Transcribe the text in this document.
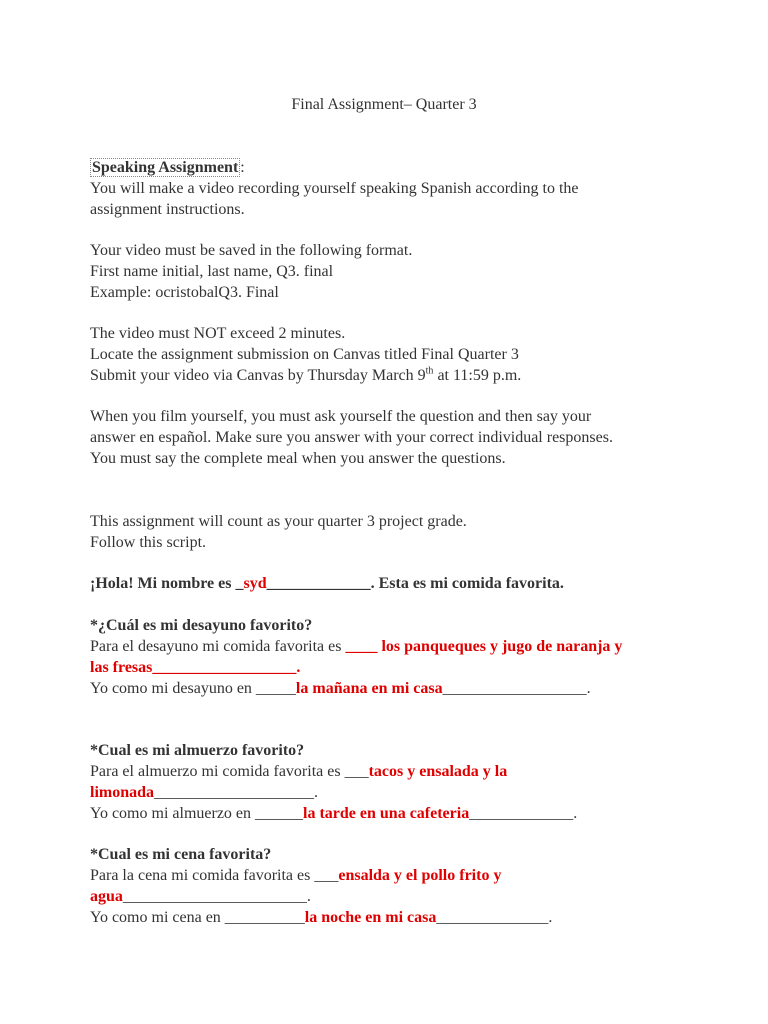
Final Assignment– Quarter 3
Speaking Assignment :
You will make a video recording yourself speaking Spanish according to the
assignment instructions.
Your video must be saved in the following format.
First name initial, last name, Q3. final
Example: ocristobalQ3. Final
The video must NOT exceed 2 minutes.
Locate the assignment submission on Canvas titled Final Quarter 3
Submit your video via Canvas by Thursday March 9th at 11:59 p.m.
When you film yourself, you must ask yourself the question and then say your
answer en español. Make sure you answer with your correct individual responses.
You must say the complete meal when you answer the questions.
This assignment will count as your quarter 3 project grade.
Follow this script.
¡Hola! Mi nombre es _syd_____________. Esta es mi comida favorita.
*¿Cuál es mi desayuno favorito?
Para el desayuno mi comida favorita es ____ los panqueques y jugo de naranja y
las fresas__________________.
Yo como mi desayuno en _____la mañana en mi casa__________________.
*Cual es mi almuerzo favorito?
Para el almuerzo mi comida favorita es ___tacos y ensalada y la
limonada____________________.
Yo como mi almuerzo en ______la tarde en una cafeteria_____________.
*Cual es mi cena favorita?
Para la cena mi comida favorita es ___ensalda y el pollo frito y
agua_______________________.
Yo como mi cena en __________la noche en mi casa______________.
